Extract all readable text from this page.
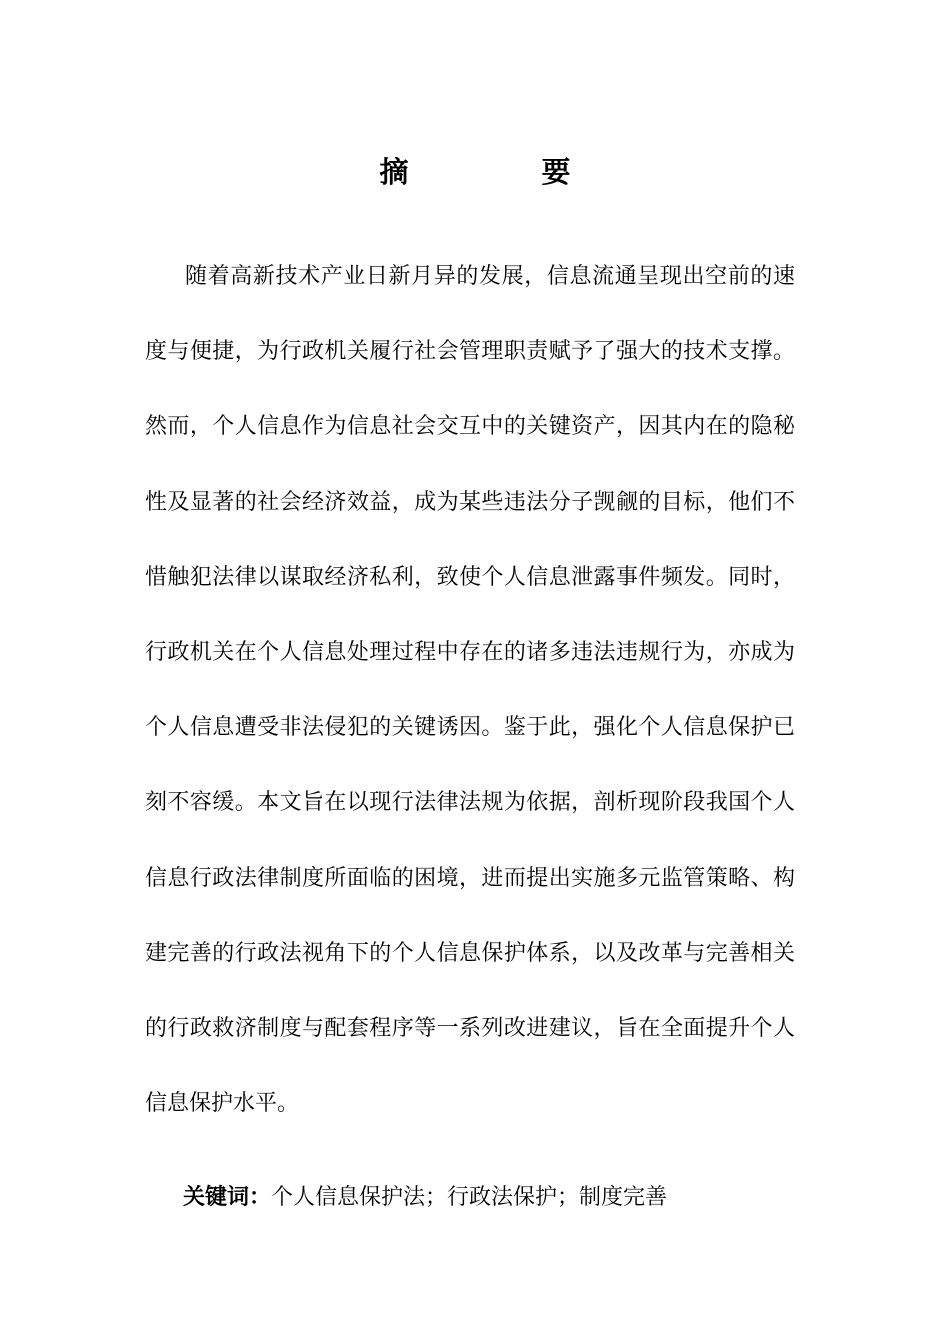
摘　要

随着高新技术产业日新月异的发展，信息流通呈现出空前的速度与便捷，为行政机关履行社会管理职责赋予了强大的技术支撑。然而，个人信息作为信息社会交互中的关键资产，因其内在的隐秘性及显著的社会经济效益，成为某些违法分子觊觎的目标，他们不惜触犯法律以谋取经济私利，致使个人信息泄露事件频发。同时，行政机关在个人信息处理过程中存在的诸多违法违规行为，亦成为个人信息遭受非法侵犯的关键诱因。鉴于此，强化个人信息保护已刻不容缓。本文旨在以现行法律法规为依据，剖析现阶段我国个人信息行政法律制度所面临的困境，进而提出实施多元监管策略、构建完善的行政法视角下的个人信息保护体系，以及改革与完善相关的行政救济制度与配套程序等一系列改进建议，旨在全面提升个人信息保护水平。

关键词：个人信息保护法；行政法保护；制度完善
